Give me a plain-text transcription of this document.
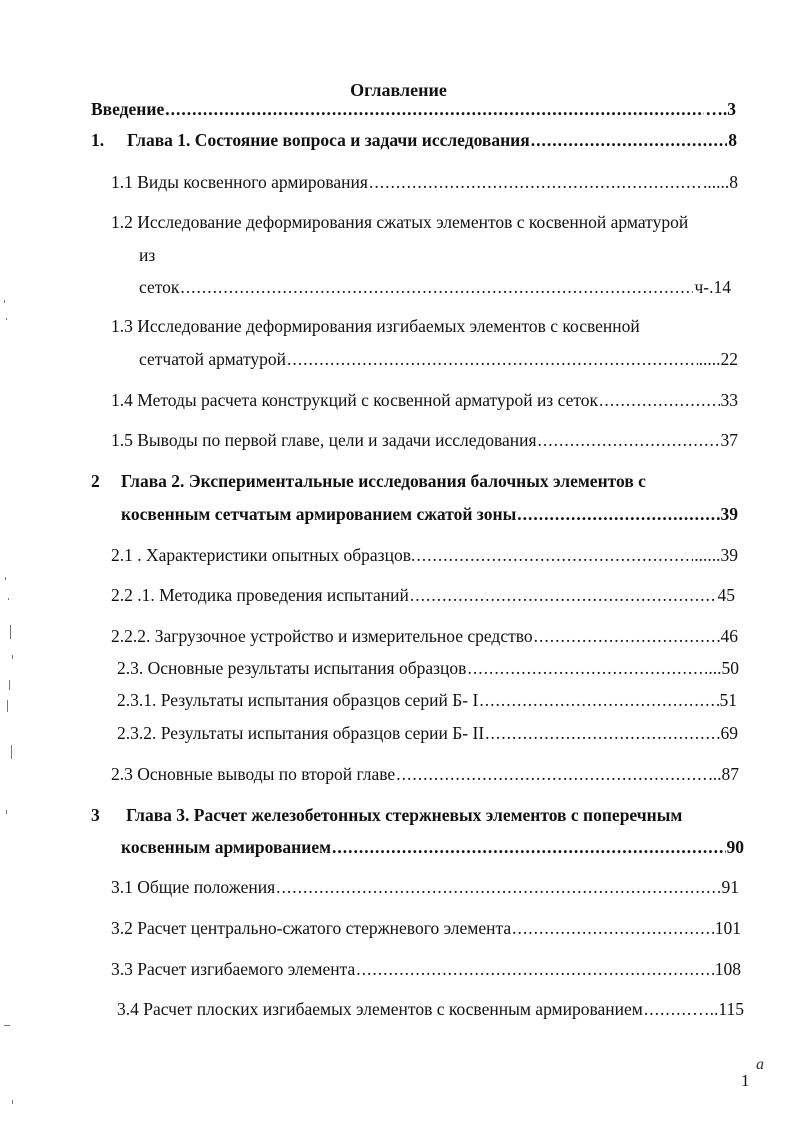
Оглавление
Введение .....	….3
1. Глава 1. Состояние вопроса и задачи исследования .....	8
1.1 Виды косвенного армирования .....	......8
1.2 Исследование деформирования сжатых элементов с косвенной арматурой
из
сеток .....	ч-.14
1.3 Исследование деформирования изгибаемых элементов с косвенной
сетчатой арматурой .....	.....22
1.4 Методы расчета конструкций с косвенной арматурой из сеток .....	33
1.5 Выводы по первой главе, цели и задачи исследования .....	37
2 Глава 2. Экспериментальные исследования балочных элементов с
косвенным сетчатым армированием сжатой зоны .....	39
2.1 . Характеристики опытных образцов. .....	......39
2.2 .1. Методика проведения испытаний .....	45
2.2.2. Загрузочное устройство и измерительное средство .....	46
2.3. Основные результаты испытания образцов .....	...50
2.3.1. Результаты испытания образцов серий Б- I .....	51
2.3.2. Результаты испытания образцов серии Б- II .....	69
2.3 Основные выводы по второй главе .....	...87
3 Глава 3. Расчет железобетонных стержневых элементов с поперечным
косвенным армированием .....	90
3.1 Общие положения .....	91
3.2 Расчет центрально-сжатого стержневого элемента .....	101
3.3 Расчет изгибаемого элемента .....	108
3.4 Расчет плоских изгибаемых элементов с косвенным армированием .....	…..115
1
a
